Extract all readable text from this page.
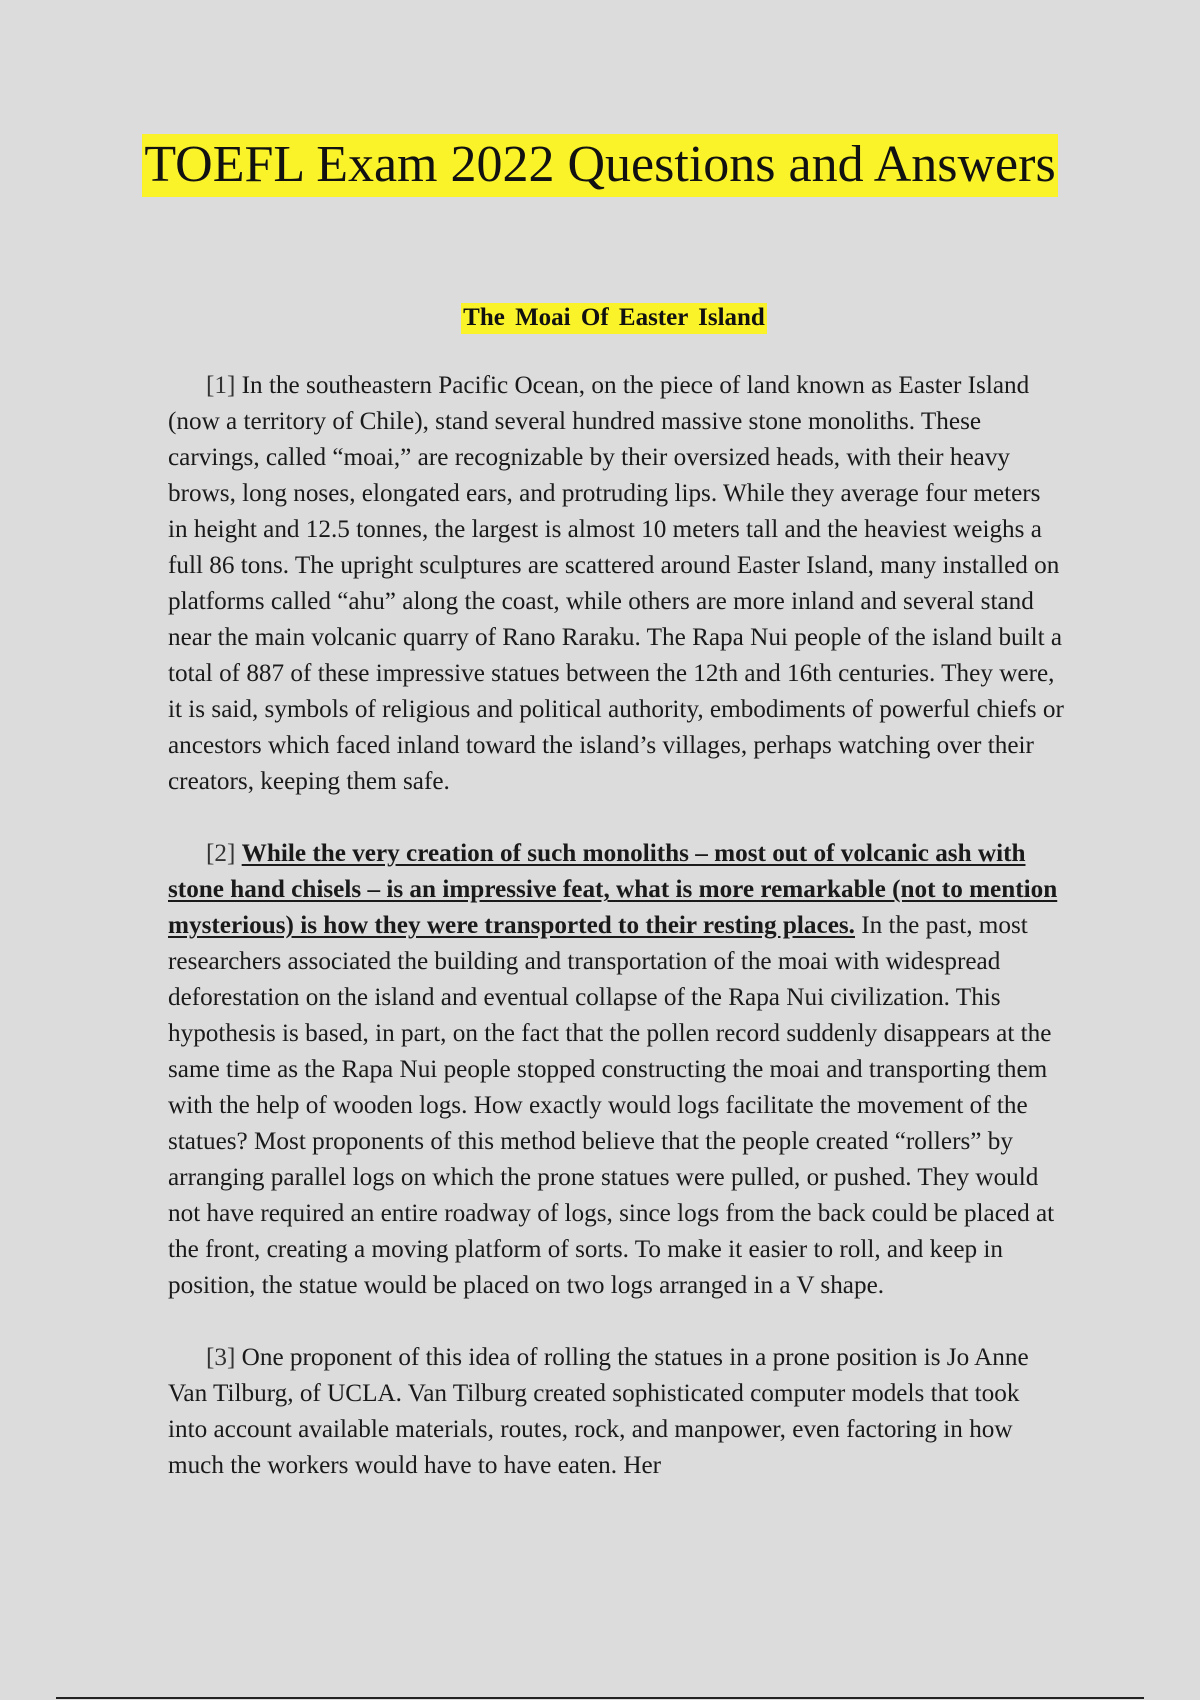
TOEFL Exam 2022 Questions and Answers
The Moai Of Easter Island

[1] In the southeastern Pacific Ocean, on the piece of land known as Easter Island (now a territory of Chile), stand several hundred massive stone monoliths. These carvings, called “moai,” are recognizable by their oversized heads, with their heavy brows, long noses, elongated ears, and protruding lips. While they average four meters in height and 12.5 tonnes, the largest is almost 10 meters tall and the heaviest weighs a full 86 tons. The upright sculptures are scattered around Easter Island, many installed on platforms called “ahu” along the coast, while others are more inland and several stand near the main volcanic quarry of Rano Raraku. The Rapa Nui people of the island built a total of 887 of these impressive statues between the 12th and 16th centuries. They were, it is said, symbols of religious and political authority, embodiments of powerful chiefs or ancestors which faced inland toward the island’s villages, perhaps watching over their creators, keeping them safe.

[2] While the very creation of such monoliths – most out of volcanic ash with stone hand chisels – is an impressive feat, what is more remarkable (not to mention mysterious) is how they were transported to their resting places. In the past, most researchers associated the building and transportation of the moai with widespread deforestation on the island and eventual collapse of the Rapa Nui civilization. This hypothesis is based, in part, on the fact that the pollen record suddenly disappears at the same time as the Rapa Nui people stopped constructing the moai and transporting them with the help of wooden logs. How exactly would logs facilitate the movement of the statues? Most proponents of this method believe that the people created “rollers” by arranging parallel logs on which the prone statues were pulled, or pushed. They would not have required an entire roadway of logs, since logs from the back could be placed at the front, creating a moving platform of sorts. To make it easier to roll, and keep in position, the statue would be placed on two logs arranged in a V shape.

[3] One proponent of this idea of rolling the statues in a prone position is Jo Anne Van Tilburg, of UCLA. Van Tilburg created sophisticated computer models that took into account available materials, routes, rock, and manpower, even factoring in how much the workers would have to have eaten. Her
